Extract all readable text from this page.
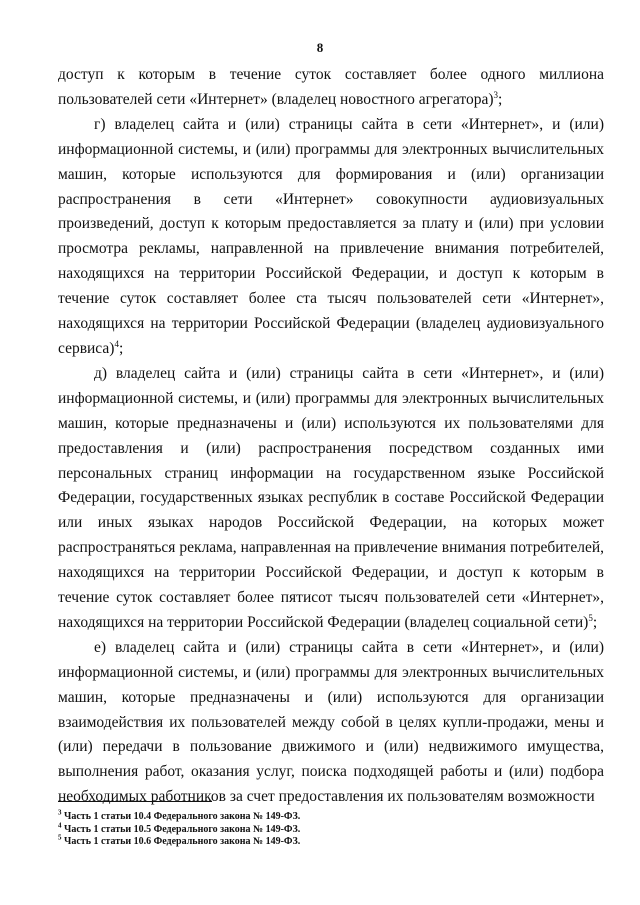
8

доступ к которым в течение суток составляет более одного миллиона пользователей сети «Интернет» (владелец новостного агрегатора)$^3$;

г) владелец сайта и (или) страницы сайта в сети «Интернет», и (или) информационной системы, и (или) программы для электронных вычислительных машин, которые используются для формирования и (или) организации распространения в сети «Интернет» совокупности аудиовизуальных произведений, доступ к которым предоставляется за плату и (или) при условии просмотра рекламы, направленной на привлечение внимания потребителей, находящихся на территории Российской Федерации, и доступ к которым в течение суток составляет более ста тысяч пользователей сети «Интернет», находящихся на территории Российской Федерации (владелец аудиовизуального сервиса)$^4$;

д) владелец сайта и (или) страницы сайта в сети «Интернет», и (или) информационной системы, и (или) программы для электронных вычислительных машин, которые предназначены и (или) используются их пользователями для предоставления и (или) распространения посредством созданных ими персональных страниц информации на государственном языке Российской Федерации, государственных языках республик в составе Российской Федерации или иных языках народов Российской Федерации, на которых может распространяться реклама, направленная на привлечение внимания потребителей, находящихся на территории Российской Федерации, и доступ к которым в течение суток составляет более пятисот тысяч пользователей сети «Интернет», находящихся на территории Российской Федерации (владелец социальной сети)$^5$;

е) владелец сайта и (или) страницы сайта в сети «Интернет», и (или) информационной системы, и (или) программы для электронных вычислительных машин, которые предназначены и (или) используются для организации взаимодействия их пользователей между собой в целях купли-продажи, мены и (или) передачи в пользование движимого и (или) недвижимого имущества, выполнения работ, оказания услуг, поиска подходящей работы и (или) подбора необходимых работников за счет предоставления их пользователям возможности

$^3$ Часть 1 статьи 10.4 Федерального закона № 149-ФЗ.
$^4$ Часть 1 статьи 10.5 Федерального закона № 149-ФЗ.
$^5$ Часть 1 статьи 10.6 Федерального закона № 149-ФЗ.
